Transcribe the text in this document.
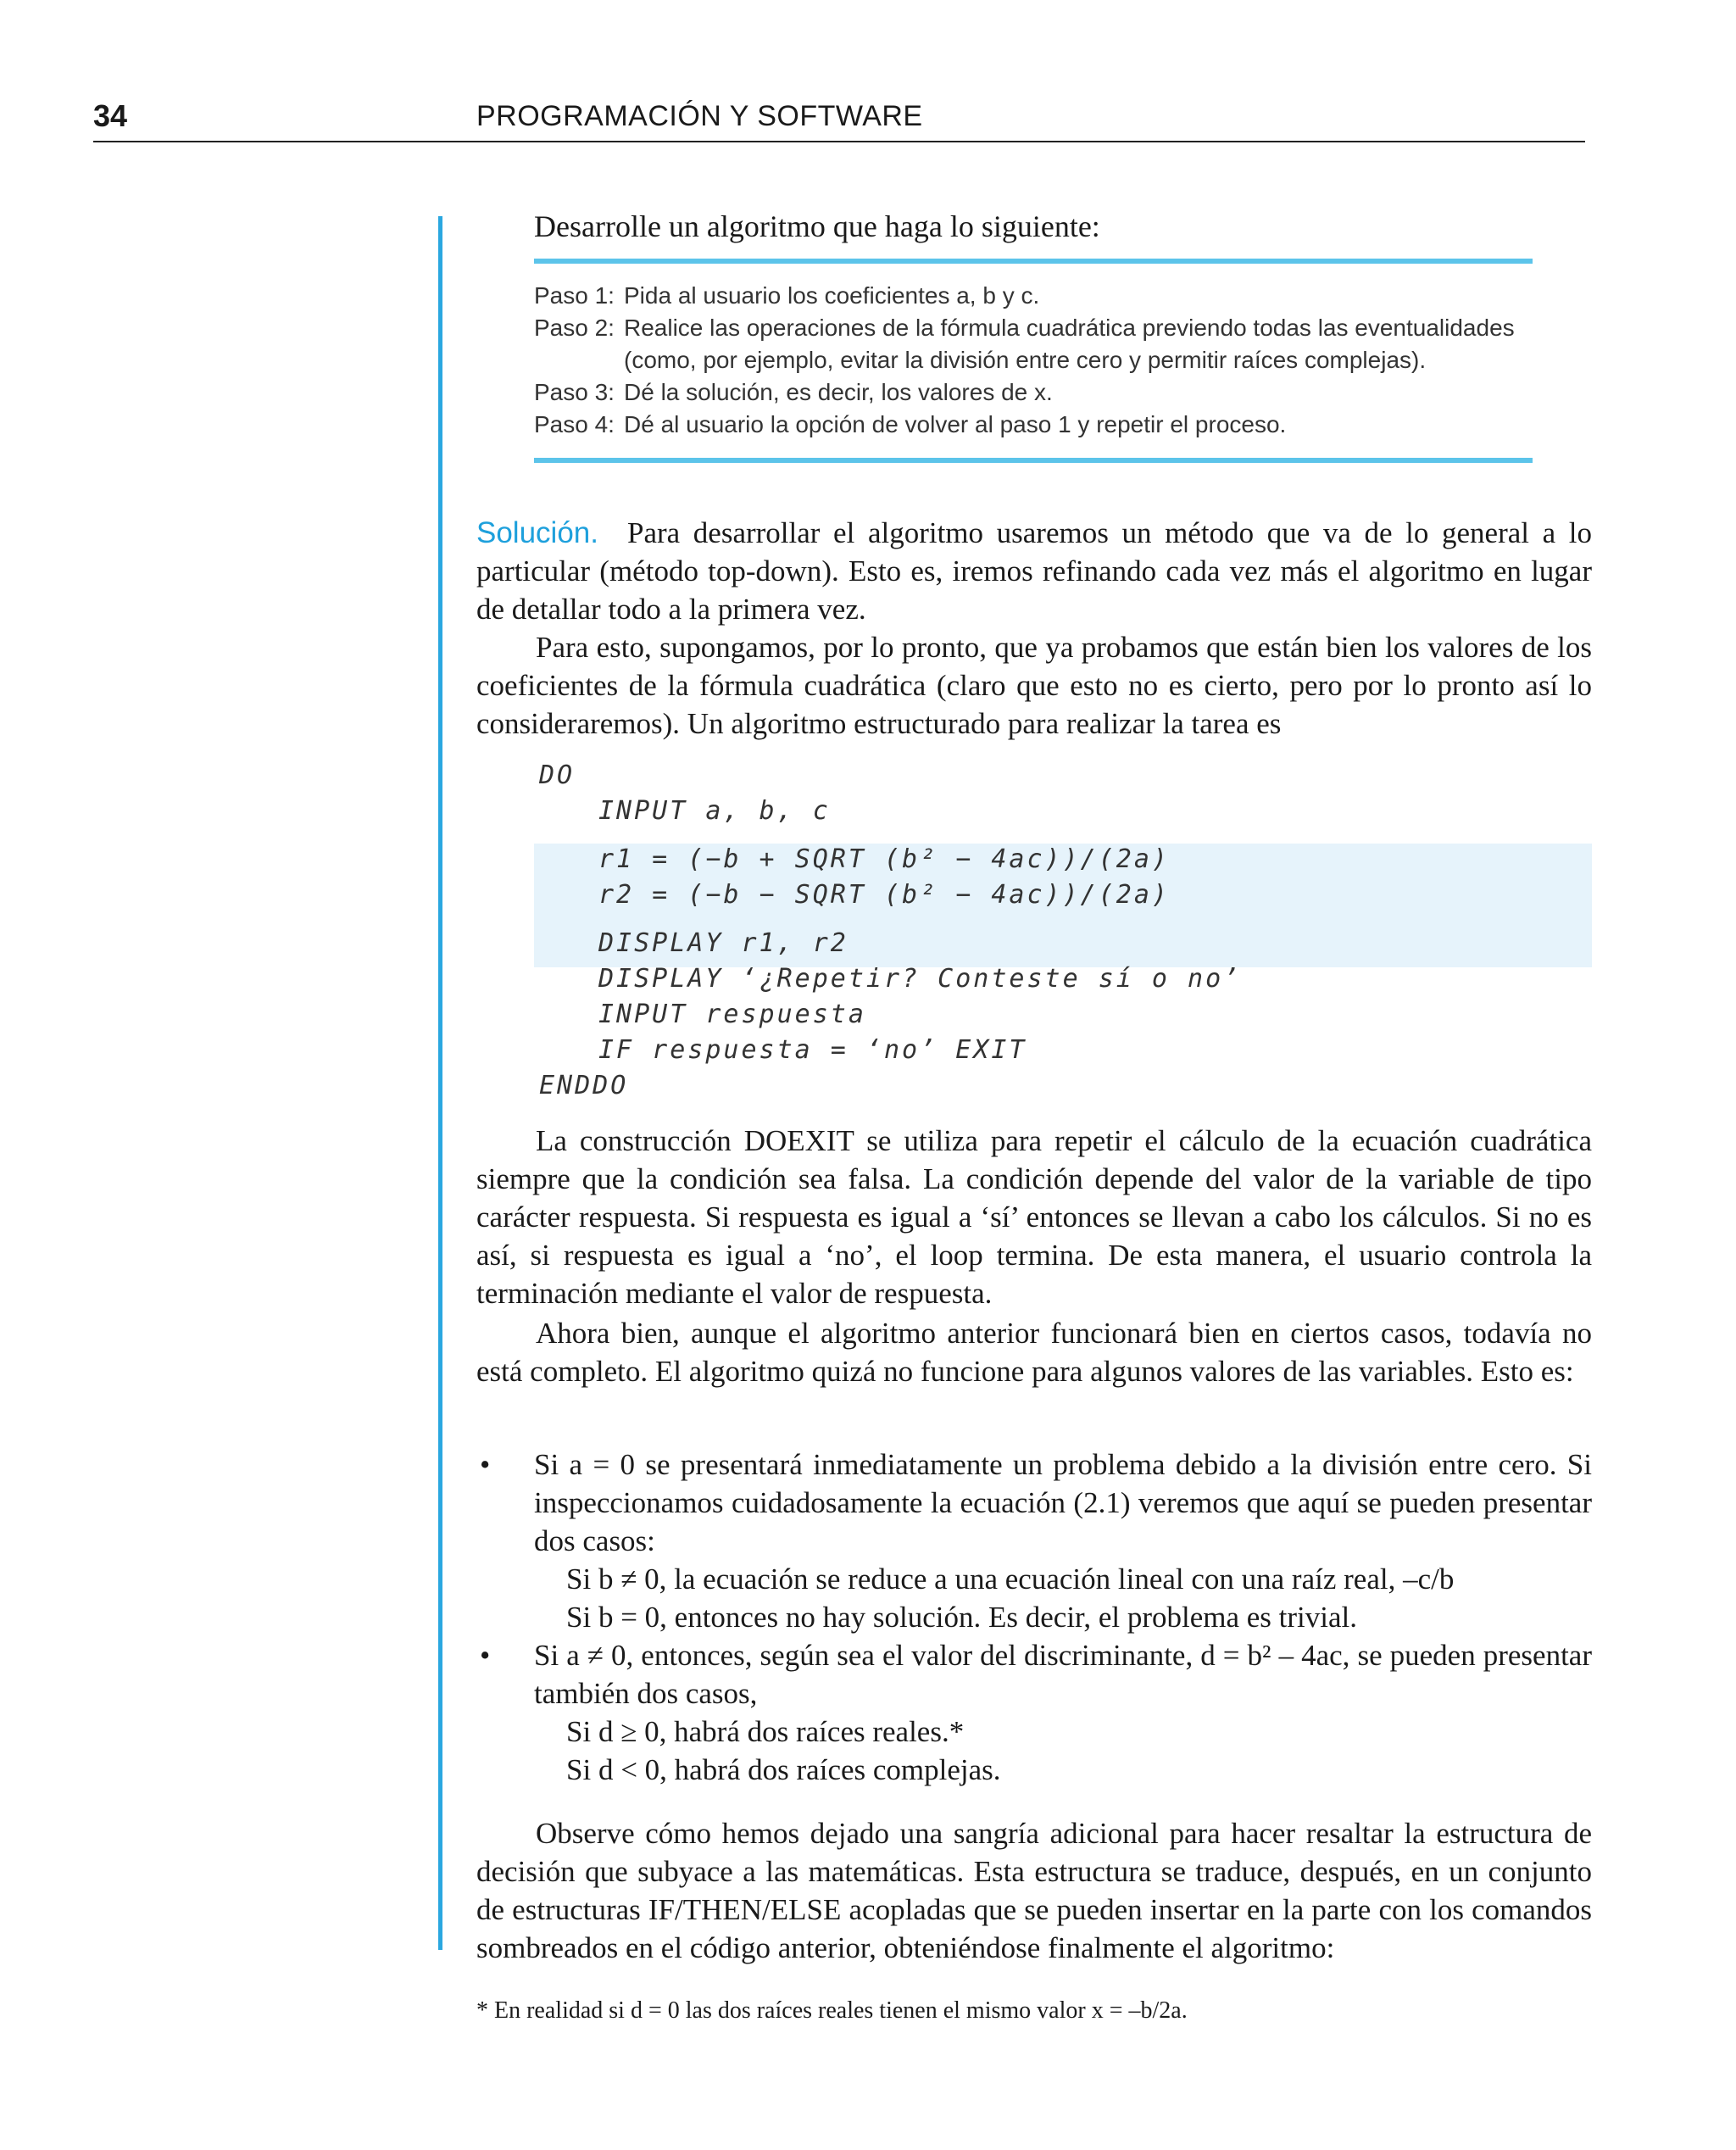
34	PROGRAMACIÓN Y SOFTWARE
Desarrolle un algoritmo que haga lo siguiente:
Paso 1: Pida al usuario los coeficientes a, b y c.
Paso 2: Realice las operaciones de la fórmula cuadrática previendo todas las eventualidades (como, por ejemplo, evitar la división entre cero y permitir raíces complejas).
Paso 3: Dé la solución, es decir, los valores de x.
Paso 4: Dé al usuario la opción de volver al paso 1 y repetir el proceso.

Solución. Para desarrollar el algoritmo usaremos un método que va de lo general a lo particular (método top-down). Esto es, iremos refinando cada vez más el algoritmo en lugar de detallar todo a la primera vez.

Para esto, supongamos, por lo pronto, que ya probamos que están bien los valores de los coeficientes de la fórmula cuadrática (claro que esto no es cierto, pero por lo pronto así lo consideraremos). Un algoritmo estructurado para realizar la tarea es

DO
INPUT a, b, c
r1 = (−b + SQRT (b² − 4ac))/(2a)
r2 = (−b − SQRT (b² − 4ac))/(2a)
DISPLAY r1, r2
DISPLAY ‘¿Repetir? Conteste sí o no’
INPUT respuesta
IF respuesta = ‘no’ EXIT
ENDDO
La construcción DOEXIT se utiliza para repetir el cálculo de la ecuación cuadrática siempre que la condición sea falsa. La condición depende del valor de la variable de tipo carácter respuesta. Si respuesta es igual a ‘sí’ entonces se llevan a cabo los cálculos. Si no es así, si respuesta es igual a ‘no’, el loop termina. De esta manera, el usuario controla la terminación mediante el valor de respuesta.
Ahora bien, aunque el algoritmo anterior funcionará bien en ciertos casos, todavía no está completo. El algoritmo quizá no funcione para algunos valores de las variables. Esto es:
• Si a = 0 se presentará inmediatamente un problema debido a la división entre cero. Si inspeccionamos cuidadosamente la ecuación (2.1) veremos que aquí se pueden presentar dos casos:
Si b ≠ 0, la ecuación se reduce a una ecuación lineal con una raíz real, –c/b
Si b = 0, entonces no hay solución. Es decir, el problema es trivial.
• Si a ≠ 0, entonces, según sea el valor del discriminante, d = b² – 4ac, se pueden presentar también dos casos,
Si d ≥ 0, habrá dos raíces reales.*
Si d < 0, habrá dos raíces complejas.
Observe cómo hemos dejado una sangría adicional para hacer resaltar la estructura de decisión que subyace a las matemáticas. Esta estructura se traduce, después, en un conjunto de estructuras IF/THEN/ELSE acopladas que se pueden insertar en la parte con los comandos sombreados en el código anterior, obteniéndose finalmente el algoritmo:
* En realidad si d = 0 las dos raíces reales tienen el mismo valor x = –b/2a.
